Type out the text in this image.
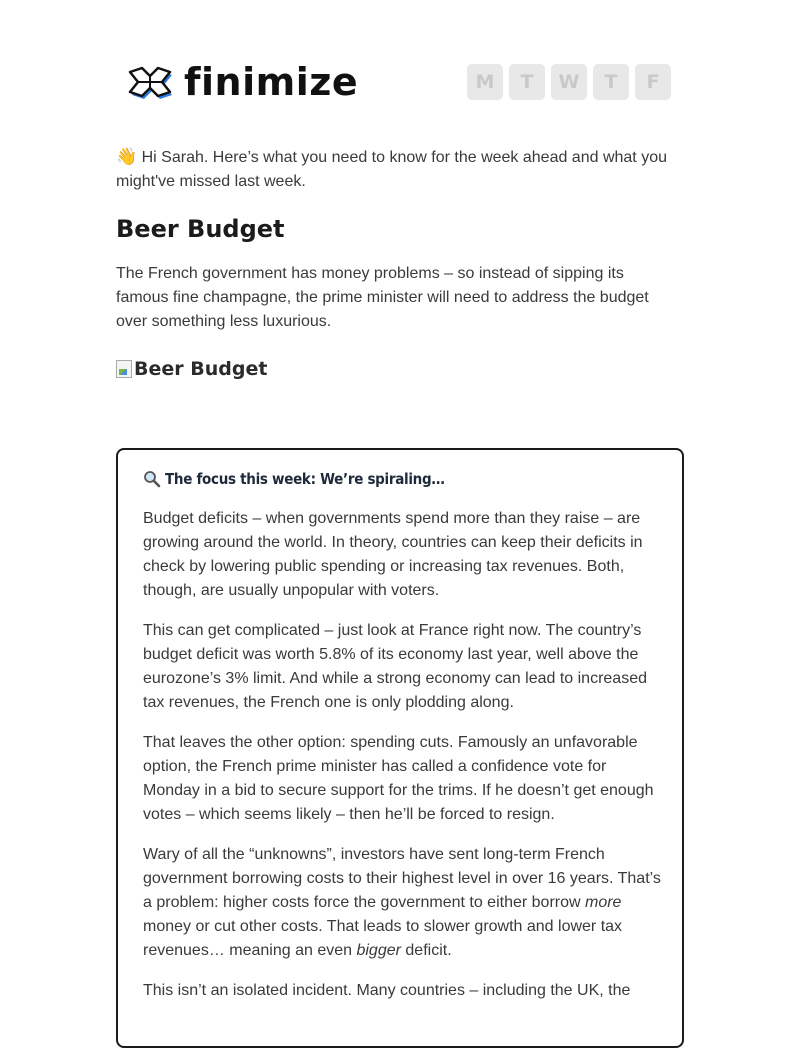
finimize	M	T	W	T	F
👋 Hi Sarah. Here’s what you need to know for the week ahead and what you might've missed last week.
Beer Budget
The French government has money problems – so instead of sipping its famous fine champagne, the prime minister will need to address the budget over something less luxurious.
Beer Budget
The focus this week: We’re spiraling…

Budget deficits – when governments spend more than they raise – are growing around the world. In theory, countries can keep their deficits in check by lowering public spending or increasing tax revenues. Both, though, are usually unpopular with voters.

This can get complicated – just look at France right now. The country’s budget deficit was worth 5.8% of its economy last year, well above the eurozone’s 3% limit. And while a strong economy can lead to increased tax revenues, the French one is only plodding along.

That leaves the other option: spending cuts. Famously an unfavorable option, the French prime minister has called a confidence vote for Monday in a bid to secure support for the trims. If he doesn’t get enough votes – which seems likely – then he’ll be forced to resign.

Wary of all the “unknowns”, investors have sent long-term French government borrowing costs to their highest level in over 16 years. That’s a problem: higher costs force the government to either borrow more money or cut other costs. That leads to slower growth and lower tax revenues… meaning an even bigger deficit.

This isn’t an isolated incident. Many countries – including the UK, the
